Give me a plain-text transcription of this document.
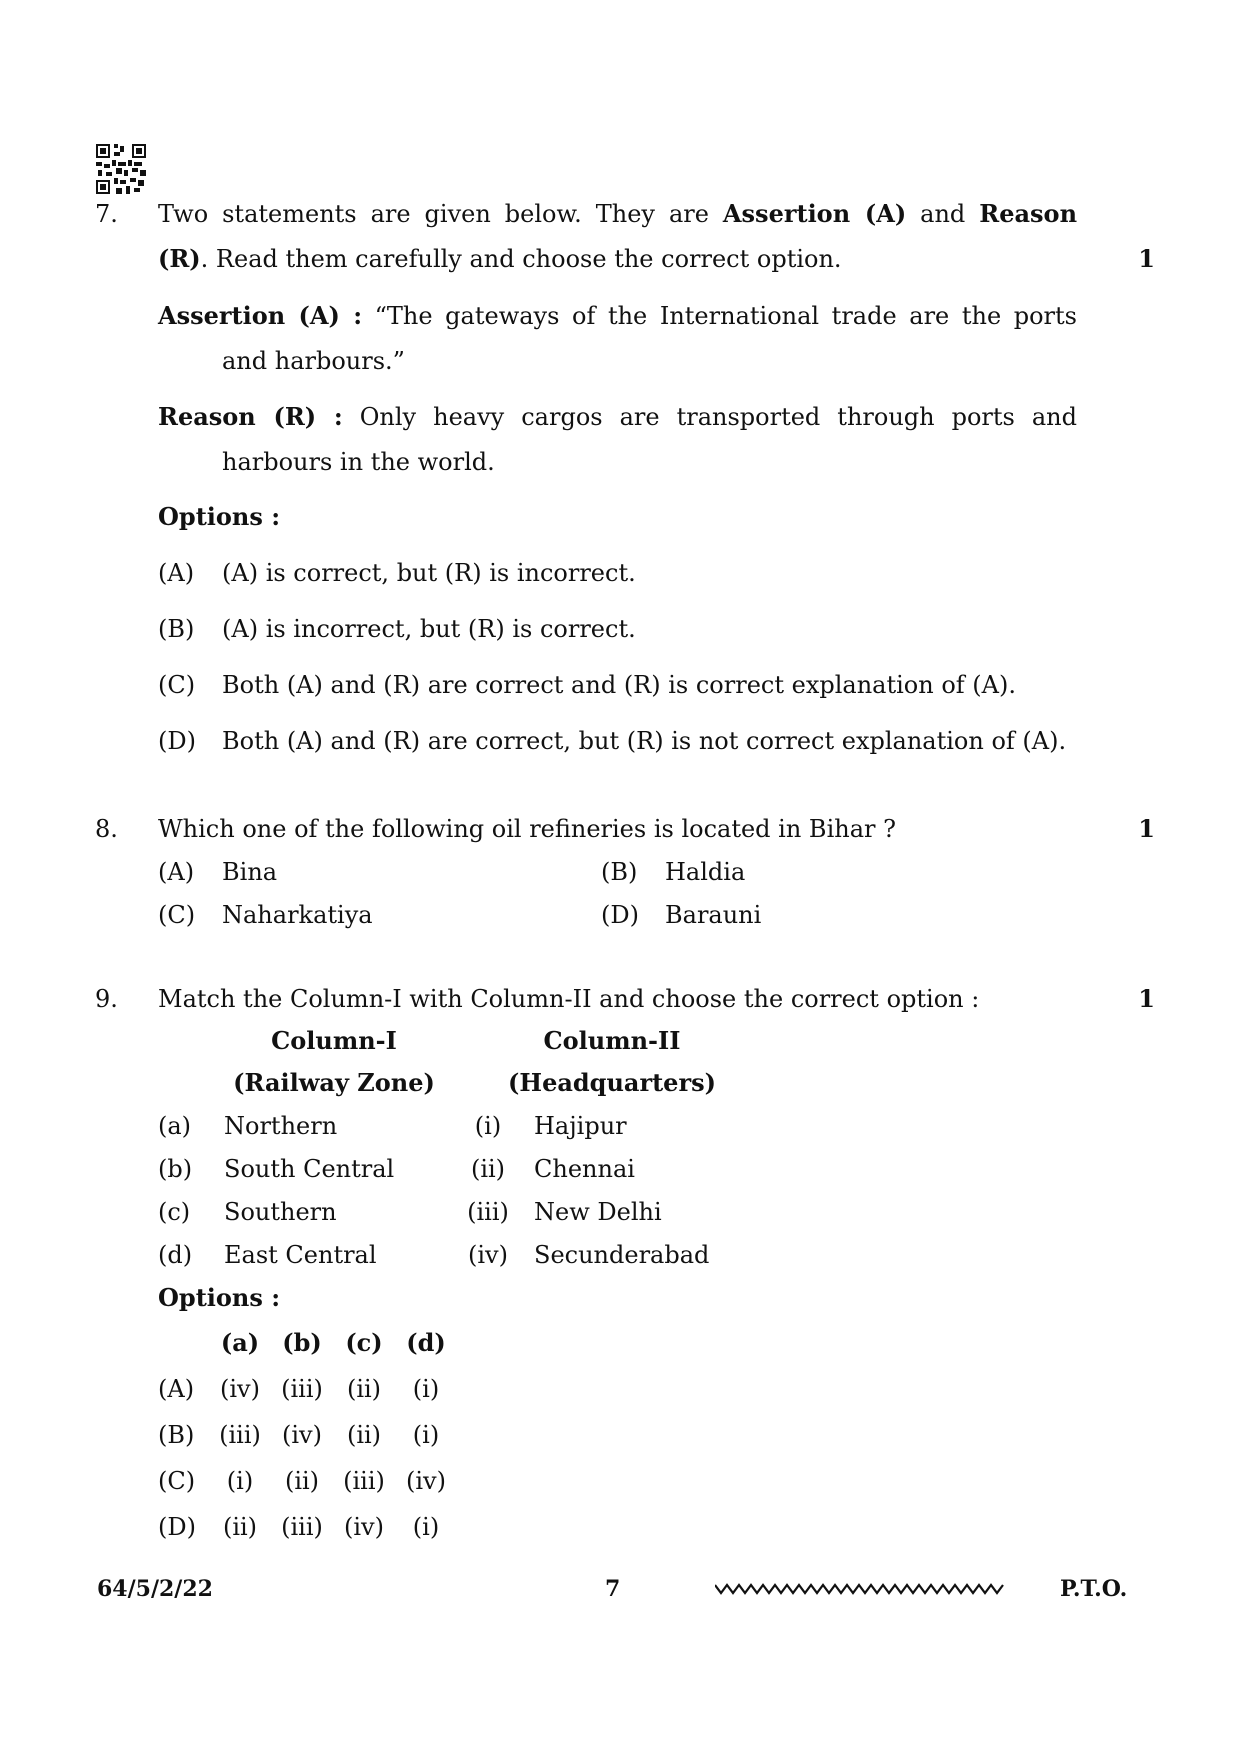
7. Two statements are given below. They are Assertion (A) and Reason
(R). Read them carefully and choose the correct option.	1
Assertion (A) : “The gateways of the International trade are the ports
and harbours.”
Reason (R) : Only heavy cargos are transported through ports and
harbours in the world.
Options :
(A) (A) is correct, but (R) is incorrect.
(B) (A) is incorrect, but (R) is correct.
(C) Both (A) and (R) are correct and (R) is correct explanation of (A).
(D) Both (A) and (R) are correct, but (R) is not correct explanation of (A).
8. Which one of the following oil refineries is located in Bihar ?	1
(A) Bina	(B) Haldia
(C) Naharkatiya	(D) Barauni
9. Match the Column-I with Column-II and choose the correct option :	1
Column-I	Column-II
(Railway Zone)	(Headquarters)
(a) Northern	(i)	Hajipur
(b) South Central	(ii)	Chennai
(c) Southern	(iii) New Delhi
(d) East Central	(iv) Secunderabad
Options :
(a) (b) (c) (d)
(A) (iv) (iii)	(ii)	(i)
(B) (iii) (iv)	(ii)	(i)
(C)	(i)	(ii)	(iii) (iv)
(D)	(ii)	(iii) (iv)	(i)
64/5/2/22	7	P.T.O.
